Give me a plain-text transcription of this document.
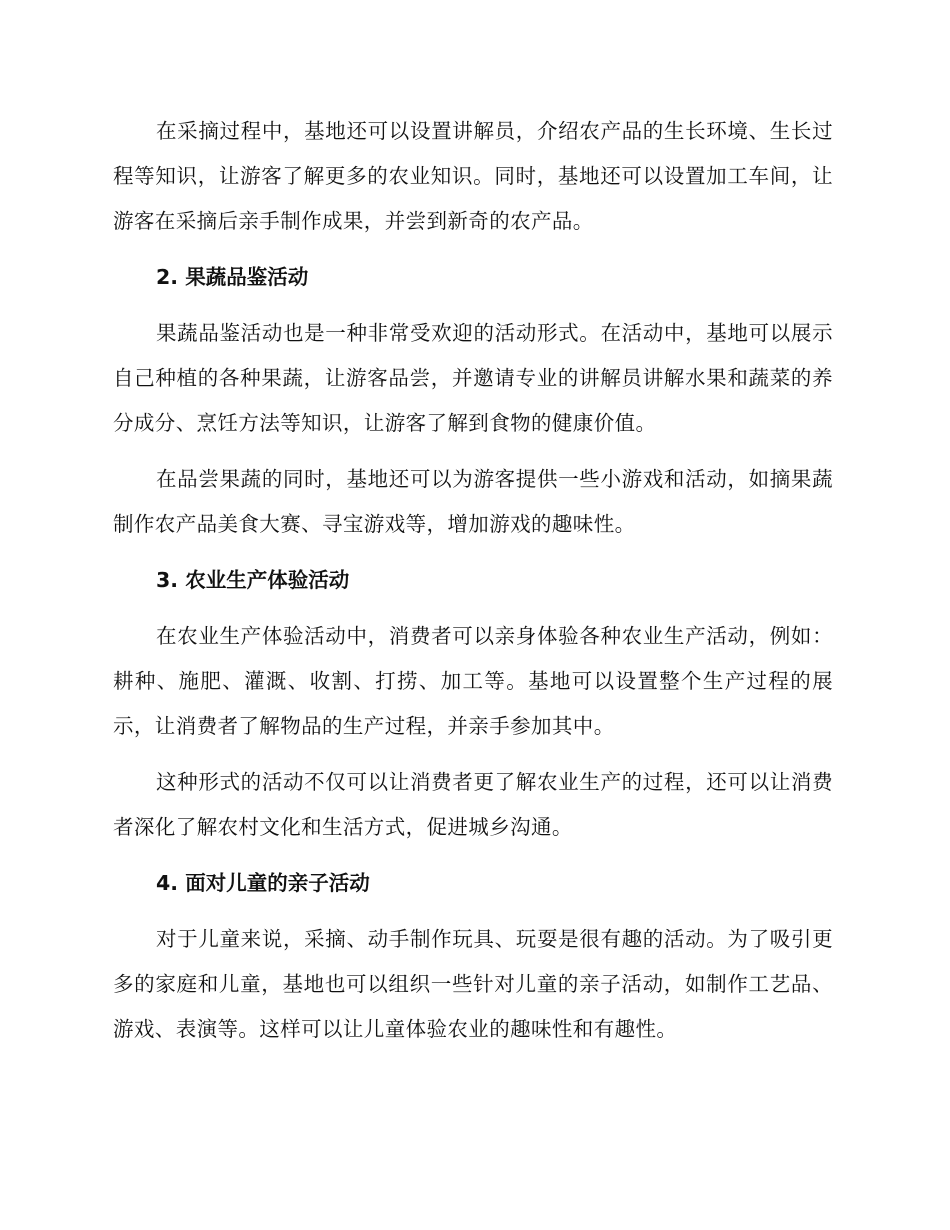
在采摘过程中，基地还可以设置讲解员，介绍农产品的生长环境、生长过程等知识，让游客了解更多的农业知识。同时，基地还可以设置加工车间，让游客在采摘后亲手制作成果，并尝到新奇的农产品。

2. 果蔬品鉴活动

果蔬品鉴活动也是一种非常受欢迎的活动形式。在活动中，基地可以展示自己种植的各种果蔬，让游客品尝，并邀请专业的讲解员讲解水果和蔬菜的养分成分、烹饪方法等知识，让游客了解到食物的健康价值。

在品尝果蔬的同时，基地还可以为游客提供一些小游戏和活动，如摘果蔬制作农产品美食大赛、寻宝游戏等，增加游戏的趣味性。

3. 农业生产体验活动

在农业生产体验活动中，消费者可以亲身体验各种农业生产活动，例如：耕种、施肥、灌溉、收割、打捞、加工等。基地可以设置整个生产过程的展示，让消费者了解物品的生产过程，并亲手参加其中。

这种形式的活动不仅可以让消费者更了解农业生产的过程，还可以让消费者深化了解农村文化和生活方式，促进城乡沟通。

4. 面对儿童的亲子活动

对于儿童来说，采摘、动手制作玩具、玩耍是很有趣的活动。为了吸引更多的家庭和儿童，基地也可以组织一些针对儿童的亲子活动，如制作工艺品、游戏、表演等。这样可以让儿童体验农业的趣味性和有趣性。
